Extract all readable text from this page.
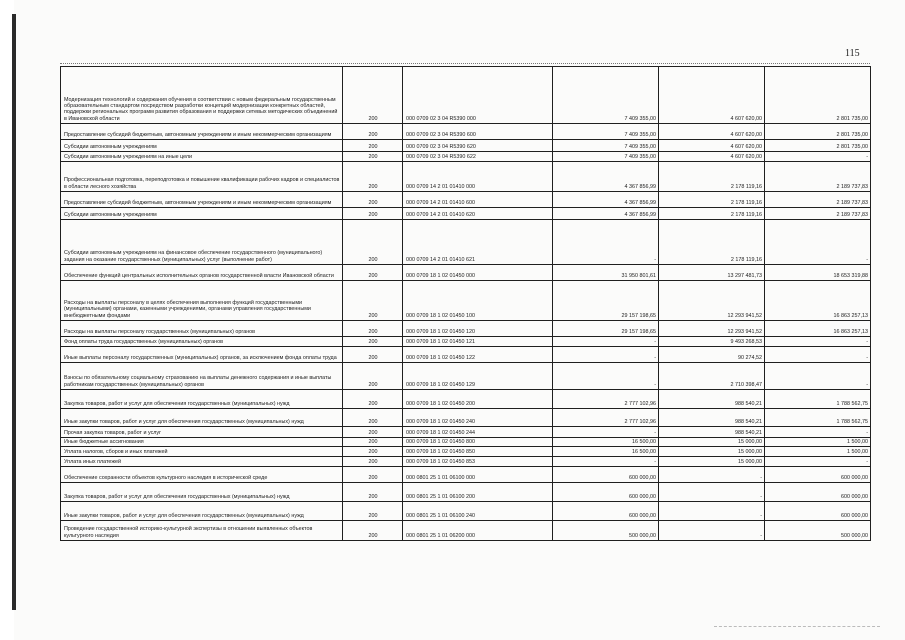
115
Модернизация технологий и содержания обучения в соответствии с новым федеральным государственным образовательным стандартом посредством разработки концепций модернизации конкретных областей, поддержки региональных программ развития образования и поддержки сетевых методических объединений в Ивановской области	200	000 0709 02 3 04 R5390 000	7 409 355,00	4 607 620,00	2 801 735,00
Предоставление субсидий бюджетным, автономным учреждениям и иным некоммерческим организациям	200	000 0709 02 3 04 R5390 600	7 409 355,00	4 607 620,00	2 801 735,00
Субсидии автономным учреждениям	200	000 0709 02 3 04 R5390 620	7 409 355,00	4 607 620,00	2 801 735,00
Субсидии автономным учреждениям на иные цели	200	000 0709 02 3 04 R5390 622	7 409 355,00	4 607 620,00	-
Профессиональная подготовка, переподготовка и повышение квалификации рабочих кадров и специалистов в области лесного хозяйства	200	000 0709 14 2 01 01410 000	4 367 856,99	2 178 119,16	2 189 737,83
Предоставление субсидий бюджетным, автономным учреждениям и иным некоммерческим организациям	200	000 0709 14 2 01 01410 600	4 367 856,99	2 178 119,16	2 189 737,83
Субсидии автономным учреждениям	200	000 0709 14 2 01 01410 620	4 367 856,99	2 178 119,16	2 189 737,83
Субсидии автономным учреждениям на финансовое обеспечение государственного (муниципального) задания на оказание государственных (муниципальных) услуг (выполнение работ)	200	000 0709 14 2 01 01410 621	-	2 178 119,16	-
Обеспечение функций центральных исполнительных органов государственной власти Ивановской области	200	000 0709 18 1 02 01450 000	31 950 801,61	13 297 481,73	18 653 319,88
Расходы на выплаты персоналу в целях обеспечения выполнения функций государственными (муниципальными) органами, казенными учреждениями, органами управления государственными внебюджетными фондами	200	000 0709 18 1 02 01450 100	29 157 198,65	12 293 941,52	16 863 257,13
Расходы на выплаты персоналу государственных (муниципальных) органов	200	000 0709 18 1 02 01450 120	29 157 198,65	12 293 941,52	16 863 257,13
Фонд оплаты труда государственных (муниципальных) органов	200	000 0709 18 1 02 01450 121	-	9 493 268,53	-
Иные выплаты персоналу государственных (муниципальных) органов, за исключением фонда оплаты труда	200	000 0709 18 1 02 01450 122	-	90 274,52	-
Взносы по обязательному социальному страхованию на выплаты денежного содержания и иные выплаты работникам государственных (муниципальных) органов	200	000 0709 18 1 02 01450 129	-	2 710 398,47	-
Закупка товаров, работ и услуг для обеспечения государственных (муниципальных) нужд	200	000 0709 18 1 02 01450 200	2 777 102,96	988 540,21	1 788 562,75
Иные закупки товаров, работ и услуг для обеспечения государственных (муниципальных) нужд	200	000 0709 18 1 02 01450 240	2 777 102,96	988 540,21	1 788 562,75
Прочая закупка товаров, работ и услуг	200	000 0709 18 1 02 01450 244	-	988 540,21	-
Иные бюджетные ассигнования	200	000 0709 18 1 02 01450 800	16 500,00	15 000,00	1 500,00
Уплата налогов, сборов и иных платежей	200	000 0709 18 1 02 01450 850	16 500,00	15 000,00	1 500,00
Уплата иных платежей	200	000 0709 18 1 02 01450 853	-	15 000,00	-
Обеспечение сохранности объектов культурного наследия в исторической среде	200	000 0801 25 1 01 06100 000	600 000,00	-	600 000,00
Закупка товаров, работ и услуг для обеспечения государственных (муниципальных) нужд	200	000 0801 25 1 01 06100 200	600 000,00	-	600 000,00
Иные закупки товаров, работ и услуг для обеспечения государственных (муниципальных) нужд	200	000 0801 25 1 01 06100 240	600 000,00	-	600 000,00
Проведение государственной историко-культурной экспертизы в отношении выявленных объектов культурного наследия	200	000 0801 25 1 01 06200 000	500 000,00	-	500 000,00
